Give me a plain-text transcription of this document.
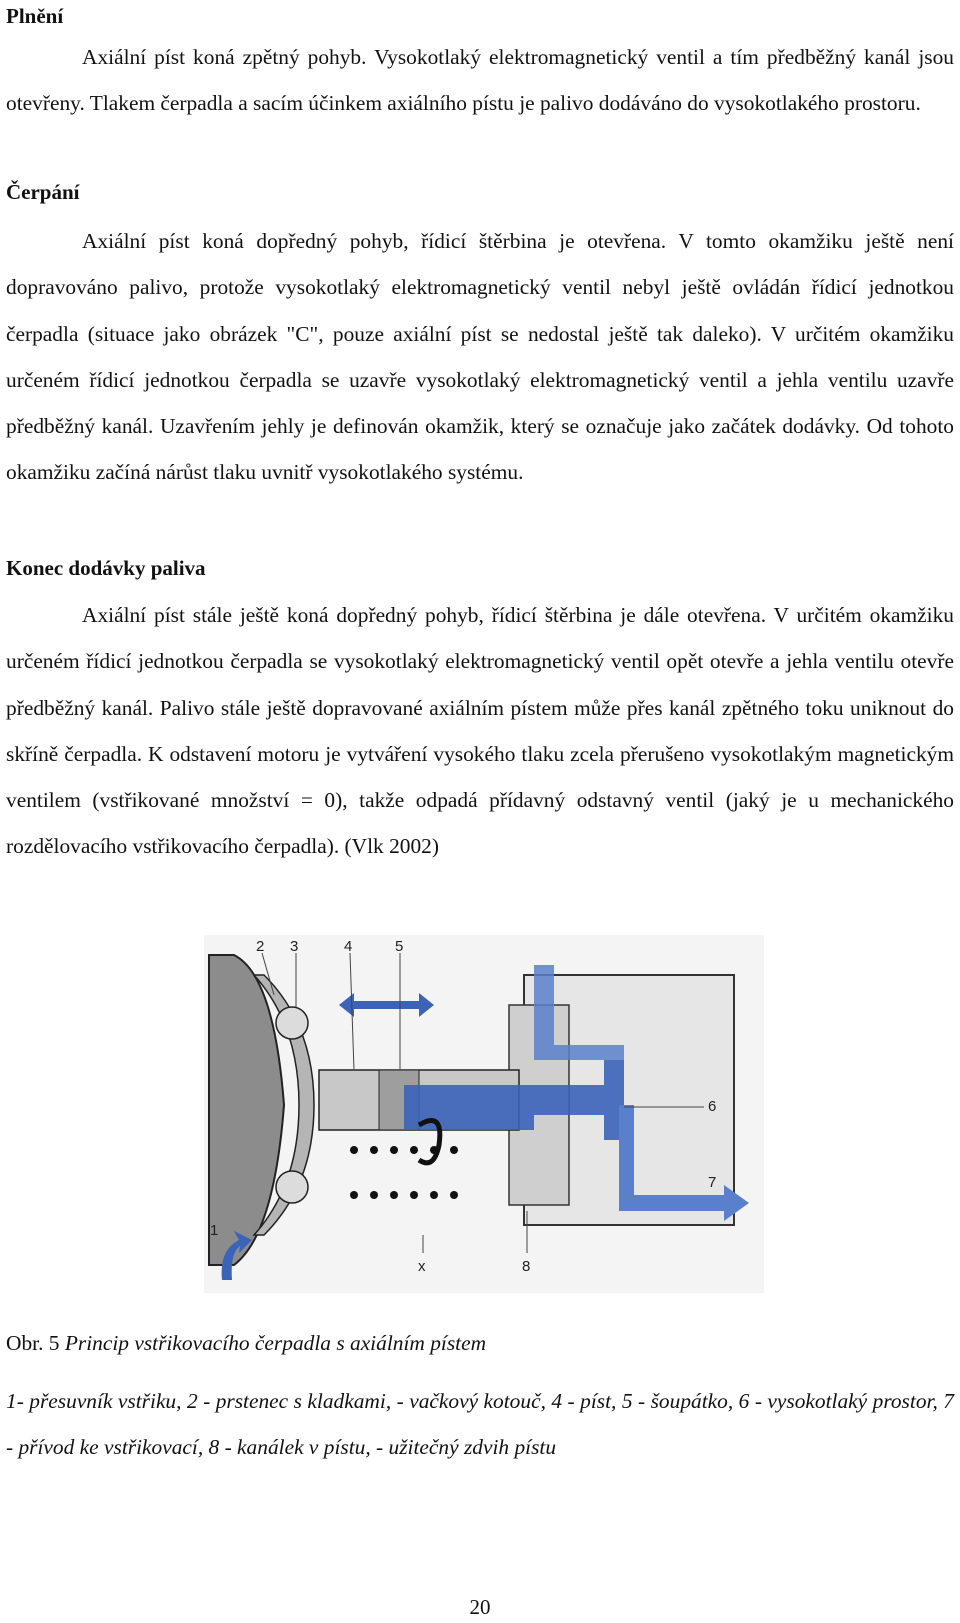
Plnění

Axiální píst koná zpětný pohyb. Vysokotlaký elektromagnetický ventil a tím předběžný kanál jsou otevřeny. Tlakem čerpadla a sacím účinkem axiálního pístu je palivo dodáváno do vysokotlakého prostoru.

Čerpání

Axiální píst koná dopředný pohyb, řídicí štěrbina je otevřena. V tomto okamžiku ještě není dopravováno palivo, protože vysokotlaký elektromagnetický ventil nebyl ještě ovládán řídicí jednotkou čerpadla (situace jako obrázek "C", pouze axiální píst se nedostal ještě tak daleko). V určitém okamžiku určeném řídicí jednotkou čerpadla se uzavře vysokotlaký elektromagnetický ventil a jehla ventilu uzavře předběžný kanál. Uzavřením jehly je definován okamžik, který se označuje jako začátek dodávky. Od tohoto okamžiku začíná nárůst tlaku uvnitř vysokotlakého systému.

Konec dodávky paliva

Axiální píst stále ještě koná dopředný pohyb, řídicí štěrbina je dále otevřena. V určitém okamžiku určeném řídicí jednotkou čerpadla se vysokotlaký elektromagnetický ventil opět otevře a jehla ventilu otevře předběžný kanál. Palivo stále ještě dopravované axiálním pístem může přes kanál zpětného toku uniknout do skříně čerpadla. K odstavení motoru je vytváření vysokého tlaku zcela přerušeno vysokotlakým magnetickým ventilem (vstřikované množství = 0), takže odpadá přídavný odstavný ventil (jaký je u mechanického rozdělovacího vstřikovacího čerpadla). (Vlk 2002)

2 3	4	5
6
7
8
1
x
Obr. 5 Princip vstřikovacího čerpadla s axiálním pístem

1- přesuvník vstřiku, 2 - prstenec s kladkami, - vačkový kotouč, 4 - píst, 5 - šoupátko, 6 - vysokotlaký prostor, 7 - přívod ke vstřikovací, 8 - kanálek v pístu, - užitečný zdvih pístu

20
